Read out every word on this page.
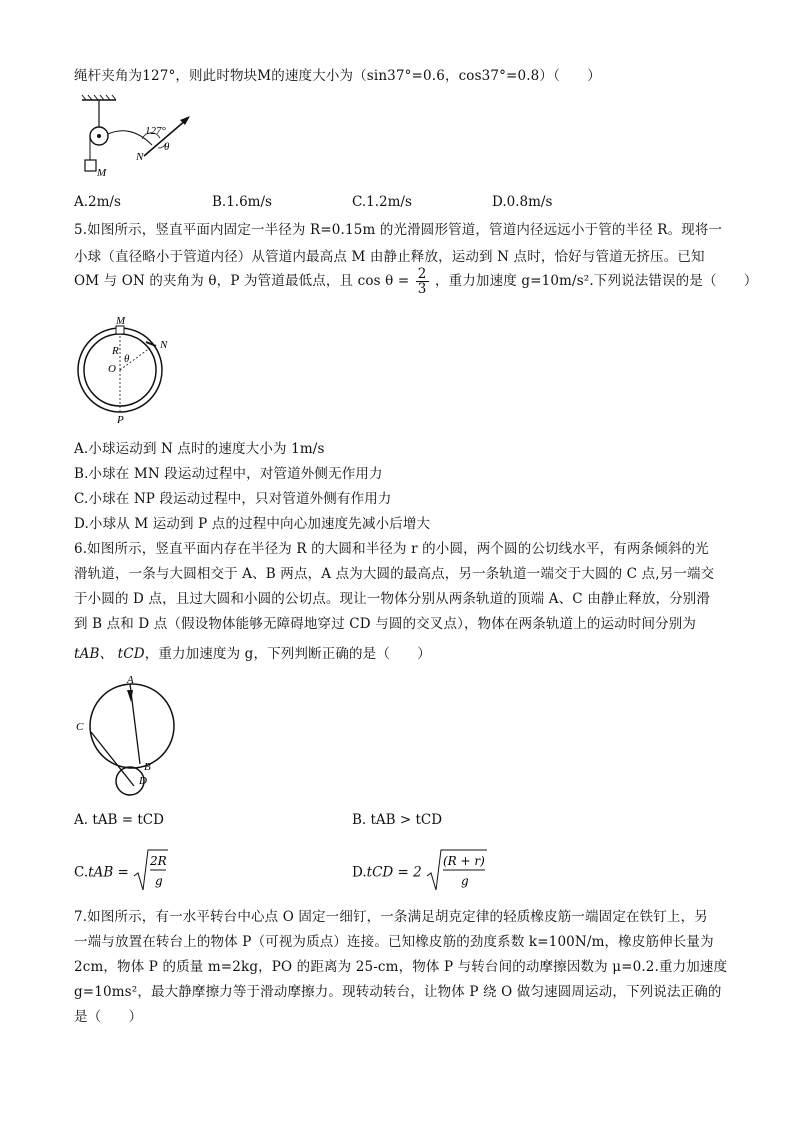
绳杆夹角为127°，则此时物块M的速度大小为（sin37°=0.6，cos37°=0.8）（　　）
127°
N
M
θ
A.2m/s	B.1.6m/s	C.1.2m/s	D.0.8m/s
5.如图所示，竖直平面内固定一半径为 R=0.15m 的光滑圆形管道，管道内径远远小于管的半径 R。现将一
小球（直径略小于管道内径）从管道内最高点 M 由静止释放，运动到 N 点时，恰好与管道无挤压。已知
OM 与 ON 的夹角为 θ，P 为管道最低点，且 $\cos \theta = \frac{2}{3}$ ，重力加速度 g=10m/s².下列说法错误的是（　　）
M
N
R
θ
O
P
A.小球运动到 N 点时的速度大小为 1m/s
B.小球在 MN 段运动过程中，对管道外侧无作用力
C.小球在 NP 段运动过程中，只对管道外侧有作用力
D.小球从 M 运动到 P 点的过程中向心加速度先减小后增大
6.如图所示，竖直平面内存在半径为 R 的大圆和半径为 r 的小圆，两个圆的公切线水平，有两条倾斜的光
滑轨道，一条与大圆相交于 A、B 两点，A 点为大圆的最高点，另一条轨道一端交于大圆的 C 点,另一端交
于小圆的 D 点，且过大圆和小圆的公切点。现让一物体分别从两条轨道的顶端 A、C 由静止释放，分别滑
到 B 点和 D 点（假设物体能够无障碍地穿过 CD 与圆的交叉点），物体在两条轨道上的运动时间分别为
tAB、 tCD，重力加速度为 g，下列判断正确的是（　　）
A
C
B
D
A. tAB = tCD	B. tAB > tCD
C.tAB =
2R
g
D.tCD = 2
(R + r)
g
7.如图所示，有一水平转台中心点 O 固定一细钉，一条满足胡克定律的轻质橡皮筋一端固定在铁钉上，另
一端与放置在转台上的物体 P（可视为质点）连接。已知橡皮筋的劲度系数 k=100N/m，橡皮筋伸长量为
2cm，物体 P 的质量 m=2kg，PO 的距离为 25-cm，物体 P 与转台间的动摩擦因数为 μ=0.2.重力加速度
g=10ms²，最大静摩擦力等于滑动摩擦力。现转动转台，让物体 P 绕 O 做匀速圆周运动，下列说法正确的
是（　　）
